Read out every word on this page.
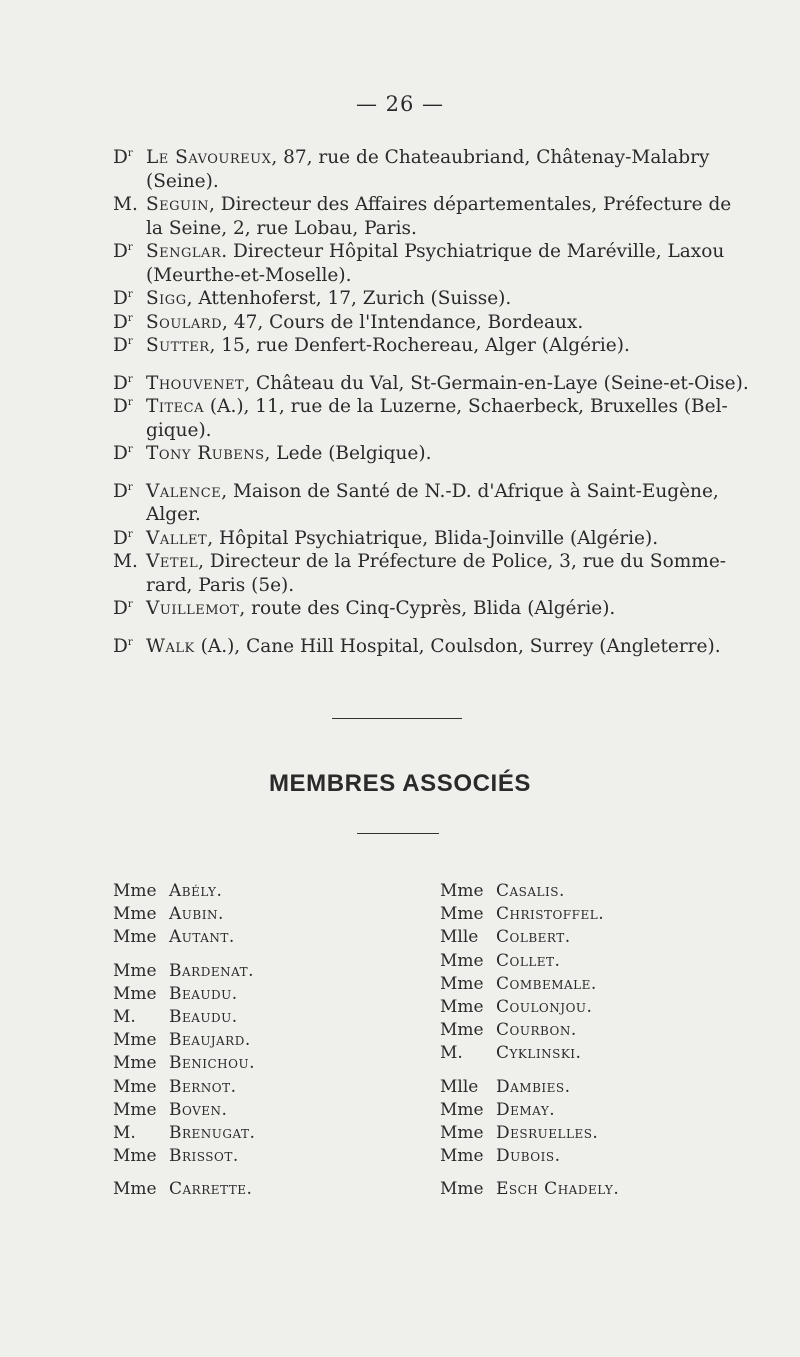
— 26 —
$D^r$ Le Savoureux, 87, rue de Chateaubriand, Châtenay-Malabry
(Seine).
M. Seguin, Directeur des Affaires départementales, Préfecture de
la Seine, 2, rue Lobau, Paris.
$D^r$ Senglar. Directeur Hôpital Psychiatrique de Maréville, Laxou
(Meurthe-et-Moselle).
$D^r$ Sigg, Attenhoferst, 17, Zurich (Suisse).
$D^r$ Soulard, 47, Cours de l'Intendance, Bordeaux.
$D^r$ Sutter, 15, rue Denfert-Rochereau, Alger (Algérie).
$D^r$ Thouvenet, Château du Val, St-Germain-en-Laye (Seine-et-Oise).
$D^r$ Titeca (A.), 11, rue de la Luzerne, Schaerbeck, Bruxelles (Bel-
gique).
$D^r$ Tony Rubens, Lede (Belgique).
$D^r$ Valence, Maison de Santé de N.-D. d'Afrique à Saint-Eugène,
Alger.
$D^r$ Vallet, Hôpital Psychiatrique, Blida-Joinville (Algérie).
M. Vetel, Directeur de la Préfecture de Police, 3, rue du Somme-
rard, Paris (5e).
$D^r$ Vuillemot, route des Cinq-Cyprès, Blida (Algérie).
$D^r$ Walk (A.), Cane Hill Hospital, Coulsdon, Surrey (Angleterre).
MEMBRES ASSOCIÉS
Mme Abély.
Mme Aubin.
Mme Autant.
Mme Bardenat.
Mme Beaudu.
M. Beaudu.
Mme Beaujard.
Mme Benichou.
Mme Bernot.
Mme Boven.
M. Brenugat.
Mme Brissot.
Mme Carrette.
Mme Casalis.
Mme Christoffel.
Mlle Colbert.
Mme Collet.
Mme Combemale.
Mme Coulonjou.
Mme Courbon.
M. Cyklinski.
Mlle Dambies.
Mme Demay.
Mme Desruelles.
Mme Dubois.
Mme Esch Chadely.
